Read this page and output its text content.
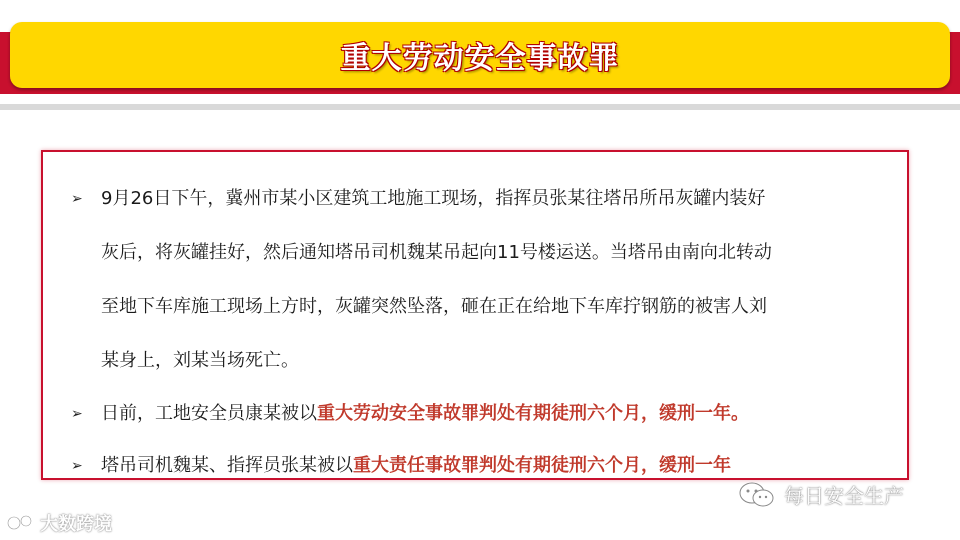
重大劳动安全事故罪
➢ 9月26日下午，冀州市某小区建筑工地施工现场，指挥员张某往塔吊所吊灰罐内装好
灰后，将灰罐挂好，然后通知塔吊司机魏某吊起向11号楼运送。当塔吊由南向北转动
至地下车库施工现场上方时，灰罐突然坠落，砸在正在给地下车库拧钢筋的被害人刘
某身上，刘某当场死亡。
➢ 日前，工地安全员康某被以重大劳动安全事故罪判处有期徒刑六个月，缓刑一年。
➢ 塔吊司机魏某、指挥员张某被以重大责任事故罪判处有期徒刑六个月，缓刑一年
大数跨境
每日安全生产
